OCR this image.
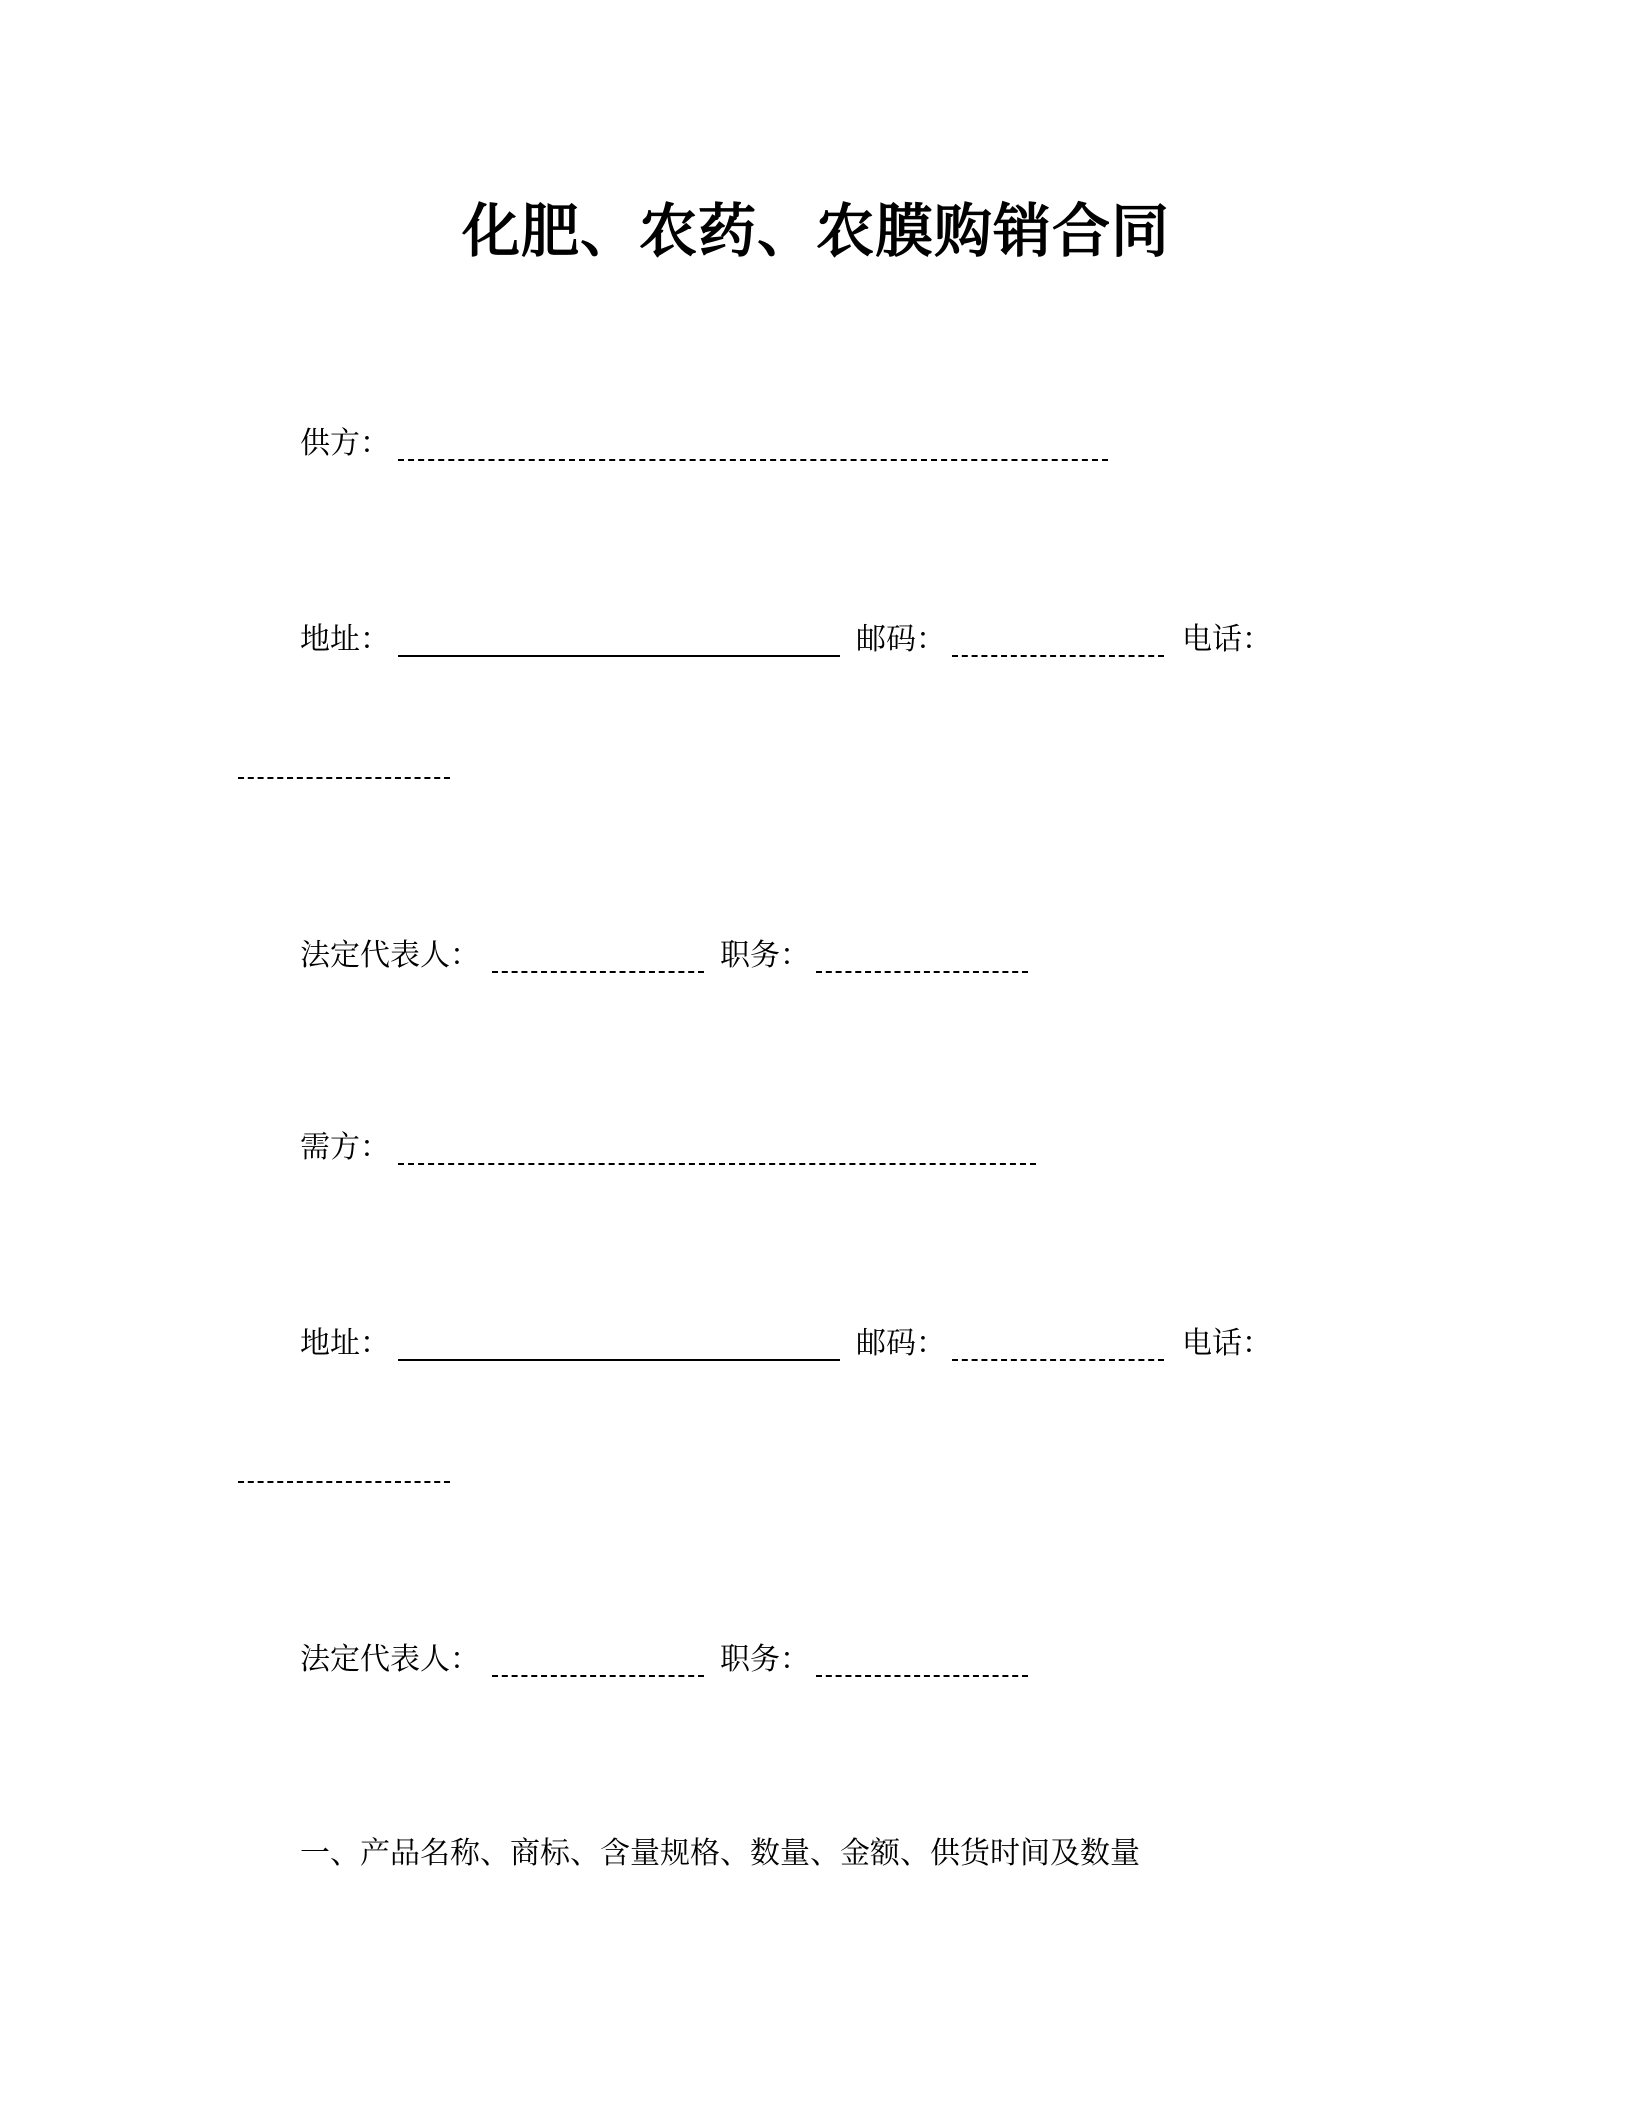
化肥、农药、农膜购销合同
供方：
地址：	邮码：	电话：
法定代表人：	职务：
需方：
地址：	邮码：	电话：
法定代表人：	职务：
一、产品名称、商标、含量规格、数量、金额、供货时间及数量
